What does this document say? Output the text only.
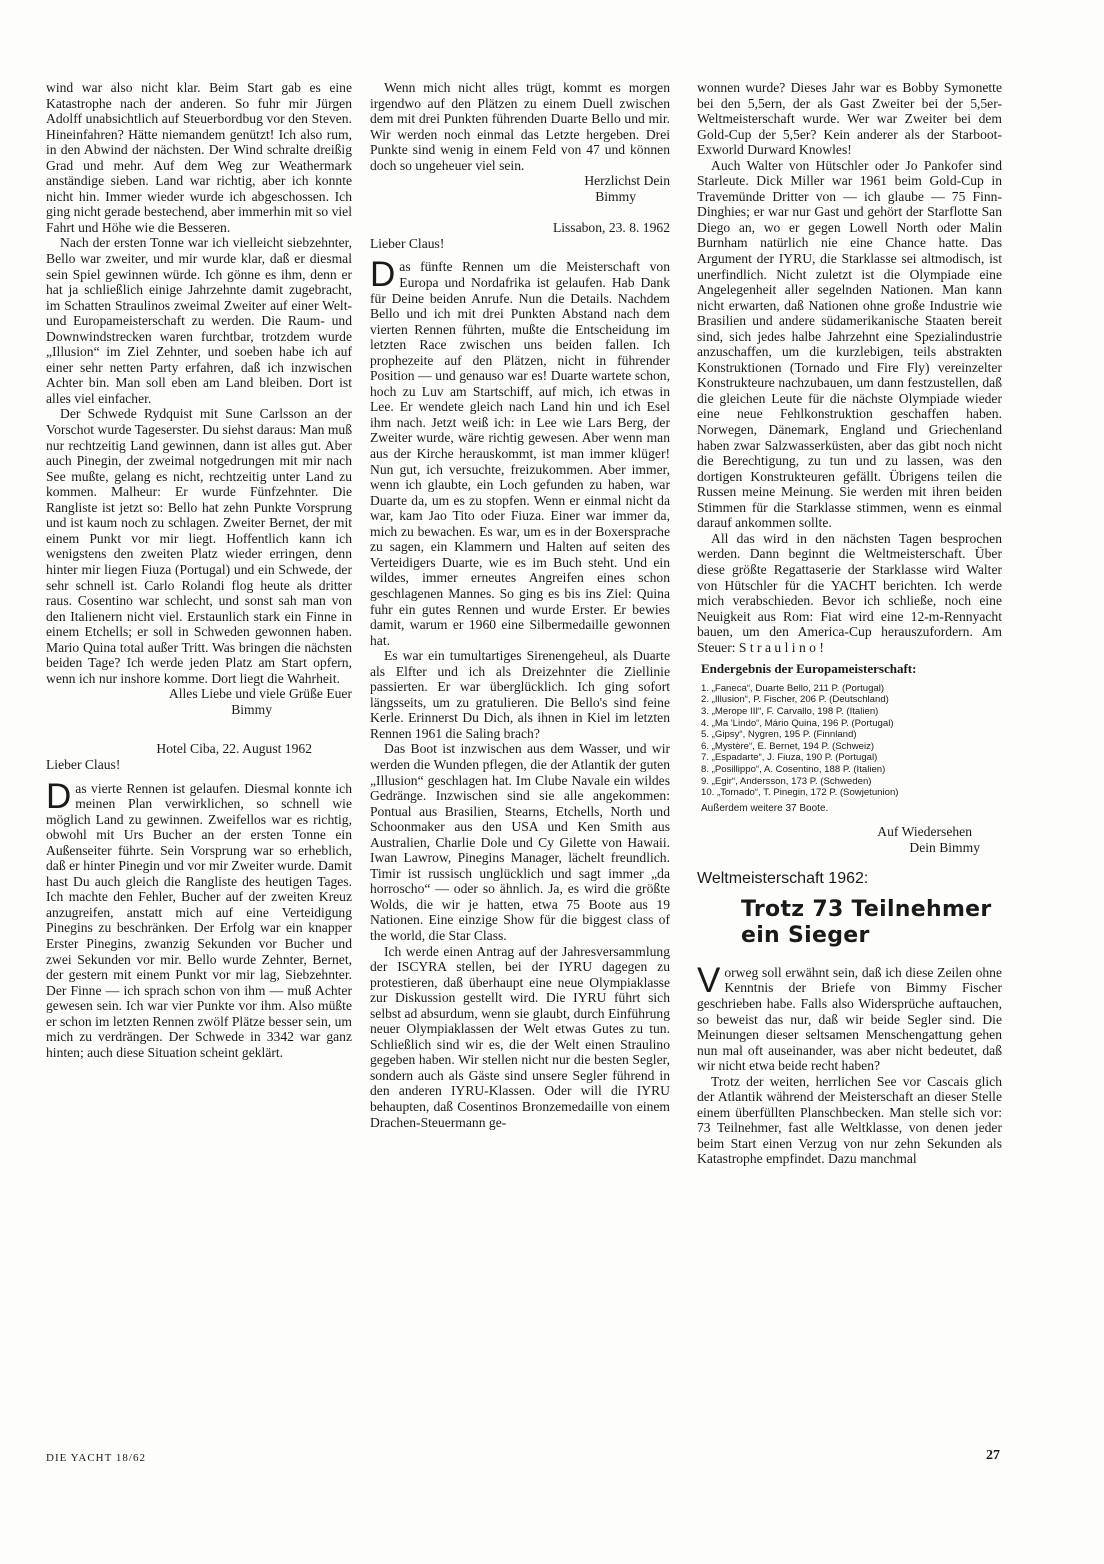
wind war also nicht klar. Beim Start gab es eine Katastrophe nach der anderen. So fuhr mir Jürgen Adolff unabsichtlich auf Steuerbordbug vor den Steven. Hineinfahren? Hätte niemandem genützt! Ich also rum, in den Abwind der nächsten. Der Wind schralte dreißig Grad und mehr. Auf dem Weg zur Weathermark anständige sieben. Land war richtig, aber ich konnte nicht hin. Immer wieder wurde ich abgeschossen. Ich ging nicht gerade bestechend, aber immerhin mit so viel Fahrt und Höhe wie die Besseren.

Nach der ersten Tonne war ich vielleicht siebzehnter, Bello war zweiter, und mir wurde klar, daß er diesmal sein Spiel gewinnen würde. Ich gönne es ihm, denn er hat ja schließlich einige Jahrzehnte damit zugebracht, im Schatten Straulinos zweimal Zweiter auf einer Welt- und Europameisterschaft zu werden. Die Raum- und Downwindstrecken waren furchtbar, trotzdem wurde „Illusion“ im Ziel Zehnter, und soeben habe ich auf einer sehr netten Party erfahren, daß ich inzwischen Achter bin. Man soll eben am Land bleiben. Dort ist alles viel einfacher.

Der Schwede Rydquist mit Sune Carlsson an der Vorschot wurde Tageserster. Du siehst daraus: Man muß nur rechtzeitig Land gewinnen, dann ist alles gut. Aber auch Pinegin, der zweimal notgedrungen mit mir nach See mußte, gelang es nicht, rechtzeitig unter Land zu kommen. Malheur: Er wurde Fünfzehnter. Die Rangliste ist jetzt so: Bello hat zehn Punkte Vorsprung und ist kaum noch zu schlagen. Zweiter Bernet, der mit einem Punkt vor mir liegt. Hoffentlich kann ich wenigstens den zweiten Platz wieder erringen, denn hinter mir liegen Fiuza (Portugal) und ein Schwede, der sehr schnell ist. Carlo Rolandi flog heute als dritter raus. Cosentino war schlecht, und sonst sah man von den Italienern nicht viel. Erstaunlich stark ein Finne in einem Etchells; er soll in Schweden gewonnen haben. Mario Quina total außer Tritt. Was bringen die nächsten beiden Tage? Ich werde jeden Platz am Start opfern, wenn ich nur inshore komme. Dort liegt die Wahrheit.

Alles Liebe und viele Grüße Euer
Bimmy

Hotel Ciba, 22. August 1962

Lieber Claus!

Das vierte Rennen ist gelaufen. Diesmal konnte ich meinen Plan verwirklichen, so schnell wie möglich Land zu gewinnen. Zweifellos war es richtig, obwohl mit Urs Bucher an der ersten Tonne ein Außenseiter führte. Sein Vorsprung war so erheblich, daß er hinter Pinegin und vor mir Zweiter wurde. Damit hast Du auch gleich die Rangliste des heutigen Tages. Ich machte den Fehler, Bucher auf der zweiten Kreuz anzugreifen, anstatt mich auf eine Verteidigung Pinegins zu beschränken. Der Erfolg war ein knapper Erster Pinegins, zwanzig Sekunden vor Bucher und zwei Sekunden vor mir. Bello wurde Zehnter, Bernet, der gestern mit einem Punkt vor mir lag, Siebzehnter. Der Finne — ich sprach schon von ihm — muß Achter gewesen sein. Ich war vier Punkte vor ihm. Also müßte er schon im letzten Rennen zwölf Plätze besser sein, um mich zu verdrängen. Der Schwede in 3342 war ganz hinten; auch diese Situation scheint geklärt.

Wenn mich nicht alles trügt, kommt es morgen irgendwo auf den Plätzen zu einem Duell zwischen dem mit drei Punkten führenden Duarte Bello und mir. Wir werden noch einmal das Letzte hergeben. Drei Punkte sind wenig in einem Feld von 47 und können doch so ungeheuer viel sein.

Herzlichst Dein
Bimmy

Lissabon, 23. 8. 1962

Lieber Claus!

Das fünfte Rennen um die Meisterschaft von Europa und Nordafrika ist gelaufen. Hab Dank für Deine beiden Anrufe. Nun die Details. Nachdem Bello und ich mit drei Punkten Abstand nach dem vierten Rennen führten, mußte die Entscheidung im letzten Race zwischen uns beiden fallen. Ich prophezeite auf den Plätzen, nicht in führender Position — und genauso war es! Duarte wartete schon, hoch zu Luv am Startschiff, auf mich, ich etwas in Lee. Er wendete gleich nach Land hin und ich Esel ihm nach. Jetzt weiß ich: in Lee wie Lars Berg, der Zweiter wurde, wäre richtig gewesen. Aber wenn man aus der Kirche herauskommt, ist man immer klüger! Nun gut, ich versuchte, freizukommen. Aber immer, wenn ich glaubte, ein Loch gefunden zu haben, war Duarte da, um es zu stopfen. Wenn er einmal nicht da war, kam Jao Tito oder Fiuza. Einer war immer da, mich zu bewachen. Es war, um es in der Boxersprache zu sagen, ein Klammern und Halten auf seiten des Verteidigers Duarte, wie es im Buch steht. Und ein wildes, immer erneutes Angreifen eines schon geschlagenen Mannes. So ging es bis ins Ziel: Quina fuhr ein gutes Rennen und wurde Erster. Er bewies damit, warum er 1960 eine Silbermedaille gewonnen hat.

Es war ein tumultartiges Sirenengeheul, als Duarte als Elfter und ich als Dreizehnter die Ziellinie passierten. Er war überglücklich. Ich ging sofort längsseits, um zu gratulieren. Die Bello's sind feine Kerle. Erinnerst Du Dich, als ihnen in Kiel im letzten Rennen 1961 die Saling brach?

Das Boot ist inzwischen aus dem Wasser, und wir werden die Wunden pflegen, die der Atlantik der guten „Illusion“ geschlagen hat. Im Clube Navale ein wildes Gedränge. Inzwischen sind sie alle angekommen: Pontual aus Brasilien, Stearns, Etchells, North und Schoonmaker aus den USA und Ken Smith aus Australien, Charlie Dole und Cy Gilette von Hawaii. Iwan Lawrow, Pinegins Manager, lächelt freundlich. Timir ist russisch unglücklich und sagt immer „da horroscho“ — oder so ähnlich. Ja, es wird die größte Wolds, die wir je hatten, etwa 75 Boote aus 19 Nationen. Eine einzige Show für die biggest class of the world, die Star Class.

Ich werde einen Antrag auf der Jahresversammlung der ISCYRA stellen, bei der IYRU dagegen zu protestieren, daß überhaupt eine neue Olympiaklasse zur Diskussion gestellt wird. Die IYRU führt sich selbst ad absurdum, wenn sie glaubt, durch Einführung neuer Olympiaklassen der Welt etwas Gutes zu tun. Schließlich sind wir es, die der Welt einen Straulino gegeben haben. Wir stellen nicht nur die besten Segler, sondern auch als Gäste sind unsere Segler führend in den anderen IYRU-Klassen. Oder will die IYRU behaupten, daß Cosentinos Bronzemedaille von einem Drachen-Steuermann ge-

wonnen wurde? Dieses Jahr war es Bobby Symonette bei den 5,5ern, der als Gast Zweiter bei der 5,5er-Weltmeisterschaft wurde. Wer war Zweiter bei dem Gold-Cup der 5,5er? Kein anderer als der Starboot-Exworld Durward Knowles!

Auch Walter von Hütschler oder Jo Pankofer sind Starleute. Dick Miller war 1961 beim Gold-Cup in Travemünde Dritter von — ich glaube — 75 Finn-Dinghies; er war nur Gast und gehört der Starflotte San Diego an, wo er gegen Lowell North oder Malin Burnham natürlich nie eine Chance hatte. Das Argument der IYRU, die Starklasse sei altmodisch, ist unerfindlich. Nicht zuletzt ist die Olympiade eine Angelegenheit aller segelnden Nationen. Man kann nicht erwarten, daß Nationen ohne große Industrie wie Brasilien und andere südamerikanische Staaten bereit sind, sich jedes halbe Jahrzehnt eine Spezialindustrie anzuschaffen, um die kurzlebigen, teils abstrakten Konstruktionen (Tornado und Fire Fly) vereinzelter Konstrukteure nachzubauen, um dann festzustellen, daß die gleichen Leute für die nächste Olympiade wieder eine neue Fehlkonstruktion geschaffen haben. Norwegen, Dänemark, England und Griechenland haben zwar Salzwasserküsten, aber das gibt noch nicht die Berechtigung, zu tun und zu lassen, was den dortigen Konstrukteuren gefällt. Übrigens teilen die Russen meine Meinung. Sie werden mit ihren beiden Stimmen für die Starklasse stimmen, wenn es einmal darauf ankommen sollte.

All das wird in den nächsten Tagen besprochen werden. Dann beginnt die Weltmeisterschaft. Über diese größte Regattaserie der Starklasse wird Walter von Hütschler für die YACHT berichten. Ich werde mich verabschieden. Bevor ich schließe, noch eine Neuigkeit aus Rom: Fiat wird eine 12-m-Rennyacht bauen, um den America-Cup herauszufordern. Am Steuer: S t r a u l i n o !

Endergebnis der Europameisterschaft:
1. „Faneca“, Duarte Bello, 211 P. (Portugal)
2. „Illusion“, P. Fischer, 206 P. (Deutschland)
3. „Merope III“, F. Carvallo, 198 P. (Italien)
4. „Ma 'Lindo“, Mário Quina, 196 P. (Portugal)
5. „Gipsy“, Nygren, 195 P. (Finnland)
6. „Mystère“, E. Bernet, 194 P. (Schweiz)
7. „Espadarte“, J. Fiuza, 190 P. (Portugal)
8. „Posillippo“, A. Cosentino, 188 P. (Italien)
9. „Egir“, Andersson, 173 P. (Schweden)
10. „Tornado“, T. Pinegin, 172 P. (Sowjetunion)
Außerdem weitere 37 Boote.
Auf Wiedersehen
Dein Bimmy
Weltmeisterschaft 1962:
Trotz 73 Teilnehmer
ein Sieger

Vorweg soll erwähnt sein, daß ich diese Zeilen ohne Kenntnis der Briefe von Bimmy Fischer geschrieben habe. Falls also Widersprüche auftauchen, so beweist das nur, daß wir beide Segler sind. Die Meinungen dieser seltsamen Menschengattung gehen nun mal oft auseinander, was aber nicht bedeutet, daß wir nicht etwa beide recht haben?

Trotz der weiten, herrlichen See vor Cascais glich der Atlantik während der Meisterschaft an dieser Stelle einem überfüllten Planschbecken. Man stelle sich vor: 73 Teilnehmer, fast alle Weltklasse, von denen jeder beim Start einen Verzug von nur zehn Sekunden als Katastrophe empfindet. Dazu manchmal

DIE YACHT 18/62	27
